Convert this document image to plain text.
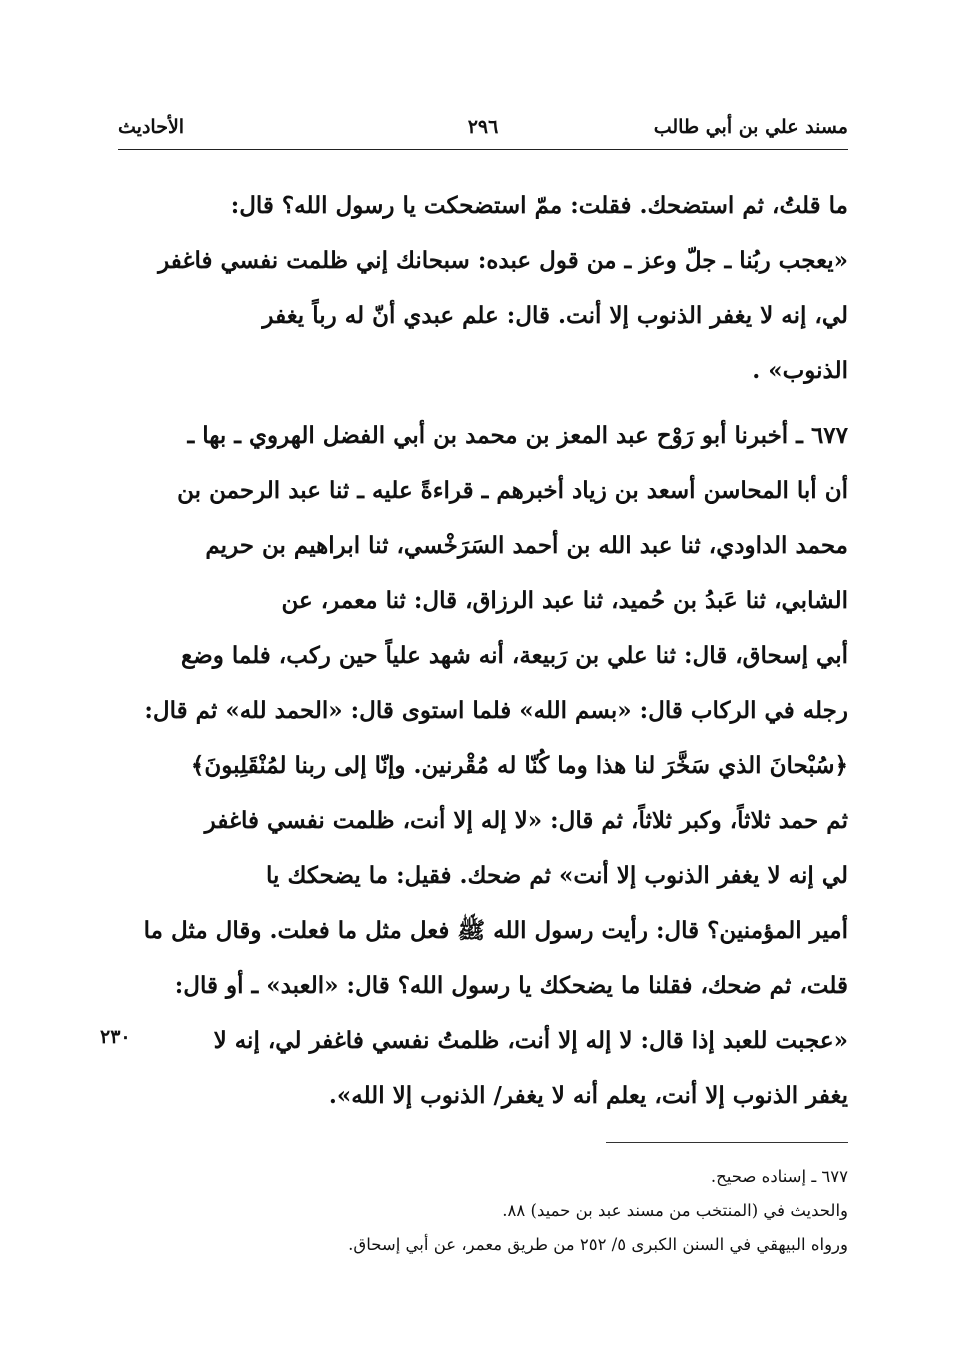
مسند علي بن أبي طالب
٢٩٦
الأحاديث
ما قلتُ، ثم استضحك. فقلت: ممّ استضحكت يا رسول الله؟ قال:
«يعجب ربُنا ـ جلّ وعز ـ من قول عبده: سبحانك إني ظلمت نفسي فاغفر
لي، إنه لا يغفر الذنوب إلا أنت. قال: علم عبدي أنّ له رباً يغفر
الذنوب» .
٦٧٧ ـ أخبرنا أبو رَوْح عبد المعز بن محمد بن أبي الفضل الهروي ـ بها ـ
أن أبا المحاسن أسعد بن زياد أخبرهم ـ قراءةً عليه ـ ثنا عبد الرحمن بن
محمد الداودي، ثنا عبد الله بن أحمد السَرَخْسي، ثنا ابراهيم بن حريم
الشابي، ثنا عَبدُ بن حُميد، ثنا عبد الرزاق، قال: ثنا معمر، عن
أبي إسحاق، قال: ثنا علي بن رَبيعة، أنه شهد علياً حين ركب، فلما وضع
رجله في الركاب قال: «بسم الله» فلما استوى قال: «الحمد لله» ثم قال:
﴿سُبْحانَ الذي سَخَّرَ لنا هذا وما كُنّا له مُقْرنين. وإنّا إلى ربنا لمُنْقَلِبونَ﴾
ثم حمد ثلاثاً، وكبر ثلاثاً، ثم قال: «لا إله إلا أنت، ظلمت نفسي فاغفر
لي إنه لا يغفر الذنوب إلا أنت» ثم ضحك. فقيل: ما يضحكك يا
أمير المؤمنين؟ قال: رأيت رسول الله ﷺ فعل مثل ما فعلت. وقال مثل ما
قلت، ثم ضحك، فقلنا ما يضحكك يا رسول الله؟ قال: «العبد» ـ أو قال:
«عجبت للعبد إذا قال: لا إله إلا أنت، ظلمتُ نفسي فاغفر لي، إنه لا
يغفر الذنوب إلا أنت، يعلم أنه لا يغفر/ الذنوب إلا الله».
٢٣٠
٦٧٧ ـ إسناده صحيح.
والحديث في (المنتخب من مسند عبد بن حميد) ٨٨.
ورواه البيهقي في السنن الكبرى ٥/ ٢٥٢ من طريق معمر، عن أبي إسحاق.
